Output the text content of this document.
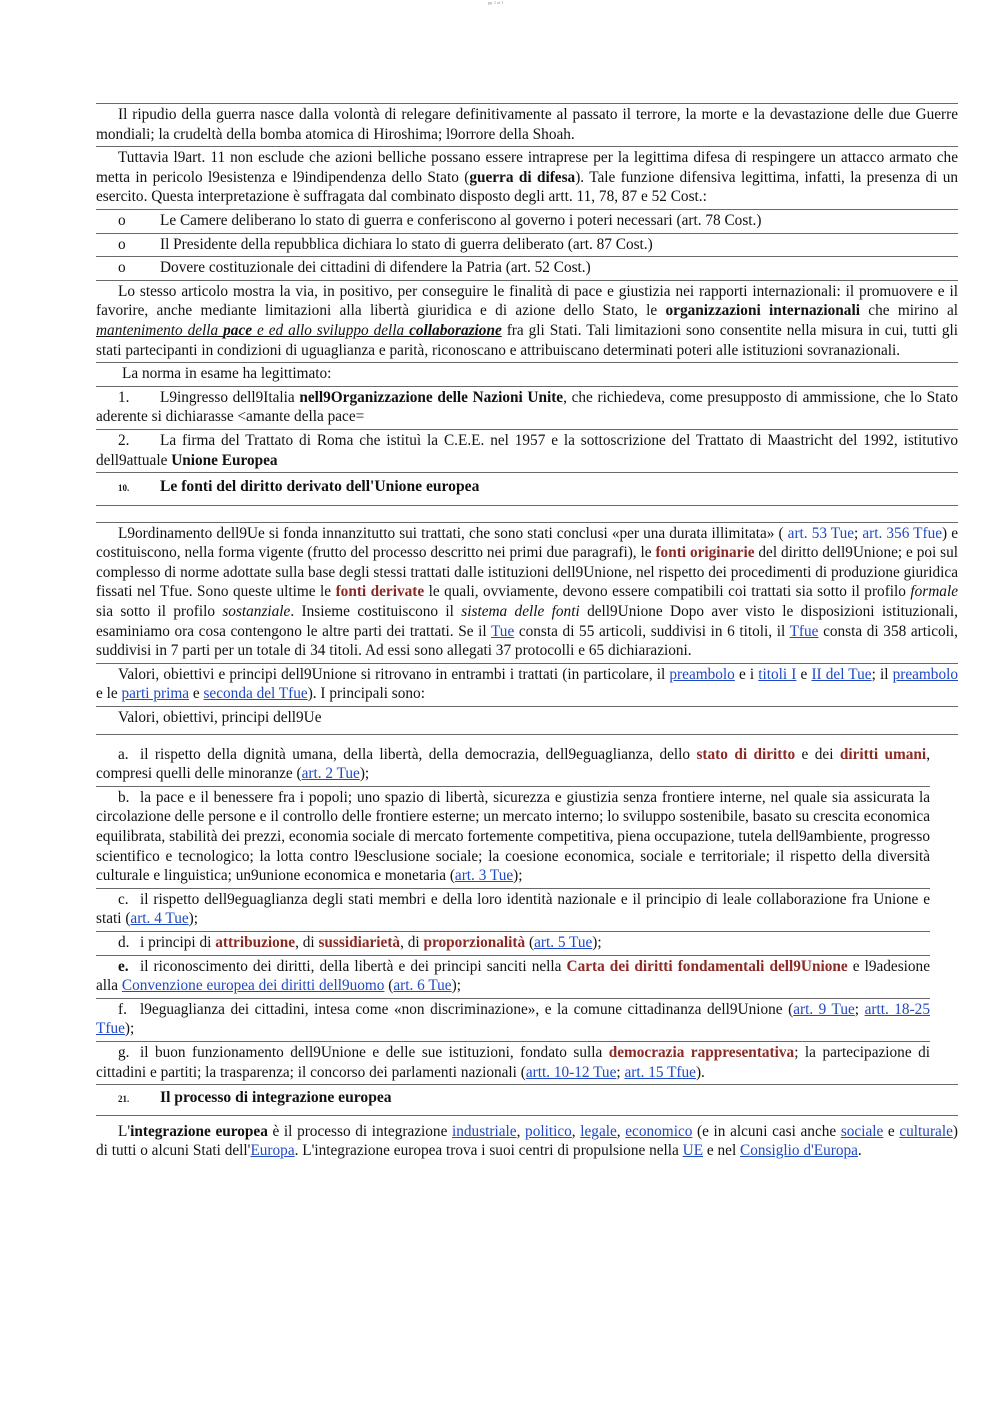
pp. 1 of 1
Il ripudio della guerra nasce dalla volontà di relegare definitivamente al passato il terrore, la morte e la devastazione delle due Guerre mondiali; la crudeltà della bomba atomica di Hiroshima; l9orrore della Shoah.
Tuttavia l9art. 11 non esclude che azioni belliche possano essere intraprese per la legittima difesa di respingere un attacco armato che metta in pericolo l9esistenza e l9indipendenza dello Stato (guerra di difesa). Tale funzione difensiva legittima, infatti, la presenza di un esercito. Questa interpretazione è suffragata dal combinato disposto degli artt. 11, 78, 87 e 52 Cost.:
o	Le Camere deliberano lo stato di guerra e conferiscono al governo i poteri necessari (art. 78 Cost.)
o	Il Presidente della repubblica dichiara lo stato di guerra deliberato (art. 87 Cost.)
o	Dovere costituzionale dei cittadini di difendere la Patria (art. 52 Cost.)
Lo stesso articolo mostra la via, in positivo, per conseguire le finalità di pace e giustizia nei rapporti internazionali: il promuovere e il favorire, anche mediante limitazioni alla libertà giuridica e di azione dello Stato, le organizzazioni internazionali che mirino al mantenimento della pace e ed allo sviluppo della collaborazione fra gli Stati. Tali limitazioni sono consentite nella misura in cui, tutti gli stati partecipanti in condizioni di uguaglianza e parità, riconoscano e attribuiscano determinati poteri alle istituzioni sovranazionali.
La norma in esame ha legittimato:
1. L9ingresso dell9Italia nell9Organizzazione delle Nazioni Unite, che richiedeva, come presupposto di ammissione, che lo Stato aderente si dichiarasse <amante della pace=
2. La firma del Trattato di Roma che istituì la C.E.E. nel 1957 e la sottoscrizione del Trattato di Maastricht del 1992, istitutivo dell9attuale Unione Europea
10.	Le fonti del diritto derivato dell'Unione europea
L9ordinamento dell9Ue si fonda innanzitutto sui trattati, che sono stati conclusi «per una durata illimitata» ( art. 53 Tue; art. 356 Tfue) e costituiscono, nella forma vigente (frutto del processo descritto nei primi due paragrafi), le fonti originarie del diritto dell9Unione; e poi sul complesso di norme adottate sulla base degli stessi trattati dalle istituzioni dell9Unione, nel rispetto dei procedimenti di produzione giuridica fissati nel Tfue. Sono queste ultime le fonti derivate le quali, ovviamente, devono essere compatibili coi trattati sia sotto il profilo formale sia sotto il profilo sostanziale. Insieme costituiscono il sistema delle fonti dell9Unione Dopo aver visto le disposizioni istituzionali, esaminiamo ora cosa contengono le altre parti dei trattati. Se il Tue consta di 55 articoli, suddivisi in 6 titoli, il Tfue consta di 358 articoli, suddivisi in 7 parti per un totale di 34 titoli. Ad essi sono allegati 37 protocolli e 65 dichiarazioni.
Valori, obiettivi e principi dell9Unione si ritrovano in entrambi i trattati (in particolare, il preambolo e i titoli I e II del Tue; il preambolo e le parti prima e seconda del Tfue). I principali sono:
Valori, obiettivi, principi dell9Ue
a. il rispetto della dignità umana, della libertà, della democrazia, dell9eguaglianza, dello stato di diritto e dei diritti umani, compresi quelli delle minoranze (art. 2 Tue);
b. la pace e il benessere fra i popoli; uno spazio di libertà, sicurezza e giustizia senza frontiere interne, nel quale sia assicurata la circolazione delle persone e il controllo delle frontiere esterne; un mercato interno; lo sviluppo sostenibile, basato su crescita economica equilibrata, stabilità dei prezzi, economia sociale di mercato fortemente competitiva, piena occupazione, tutela dell9ambiente, progresso scientifico e tecnologico; la lotta contro l9esclusione sociale; la coesione economica, sociale e territoriale; il rispetto della diversità culturale e linguistica; un9unione economica e monetaria (art. 3 Tue);
c. il rispetto dell9eguaglianza degli stati membri e della loro identità nazionale e il principio di leale collaborazione fra Unione e stati (art. 4 Tue);
d. i principi di attribuzione, di sussidiarietà, di proporzionalità (art. 5 Tue);
e. il riconoscimento dei diritti, della libertà e dei principi sanciti nella Carta dei diritti fondamentali dell9Unione e l9adesione alla Convenzione europea dei diritti dell9uomo (art. 6 Tue);
f. l9eguaglianza dei cittadini, intesa come «non discriminazione», e la comune cittadinanza dell9Unione (art. 9 Tue; artt. 18-25 Tfue);
g. il buon funzionamento dell9Unione e delle sue istituzioni, fondato sulla democrazia rappresentativa; la partecipazione di cittadini e partiti; la trasparenza; il concorso dei parlamenti nazionali (artt. 10-12 Tue; art. 15 Tfue).
21.	Il processo di integrazione europea
L'integrazione europea è il processo di integrazione industriale, politico, legale, economico (e in alcuni casi anche sociale e culturale) di tutti o alcuni Stati dell'Europa. L'integrazione europea trova i suoi centri di propulsione nella UE e nel Consiglio d'Europa.
